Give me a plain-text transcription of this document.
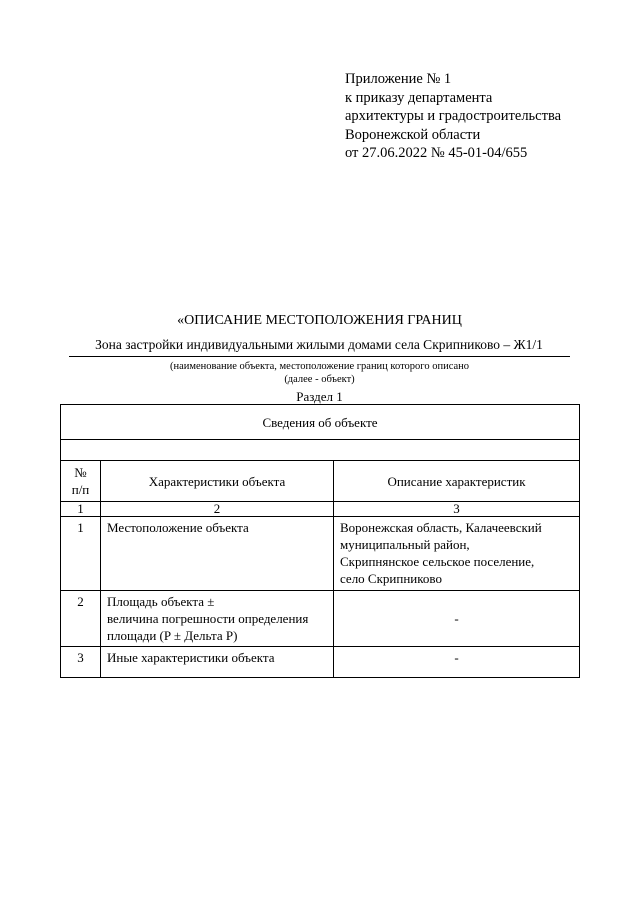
Приложение № 1
к приказу департамента
архитектуры и градостроительства
Воронежской области
от 27.06.2022 № 45-01-04/655
«ОПИСАНИЕ МЕСТОПОЛОЖЕНИЯ ГРАНИЦ
Зона застройки индивидуальными жилыми домами села Скрипниково – Ж1/1
(наименование объекта, местоположение границ которого описано
(далее - объект)
Раздел 1
Сведения об объекте		

№
п/п	Характеристики объекта	Описание характеристик
1	2	3
1	Местоположение объекта	Воронежская область, Калачеевский
муниципальный район,
Скрипнянское сельское поселение,
село Скрипниково

2	Площадь объекта ±
величина погрешности определения
площади (P ± Дельта P)	-

3	Иные характеристики объекта	-
